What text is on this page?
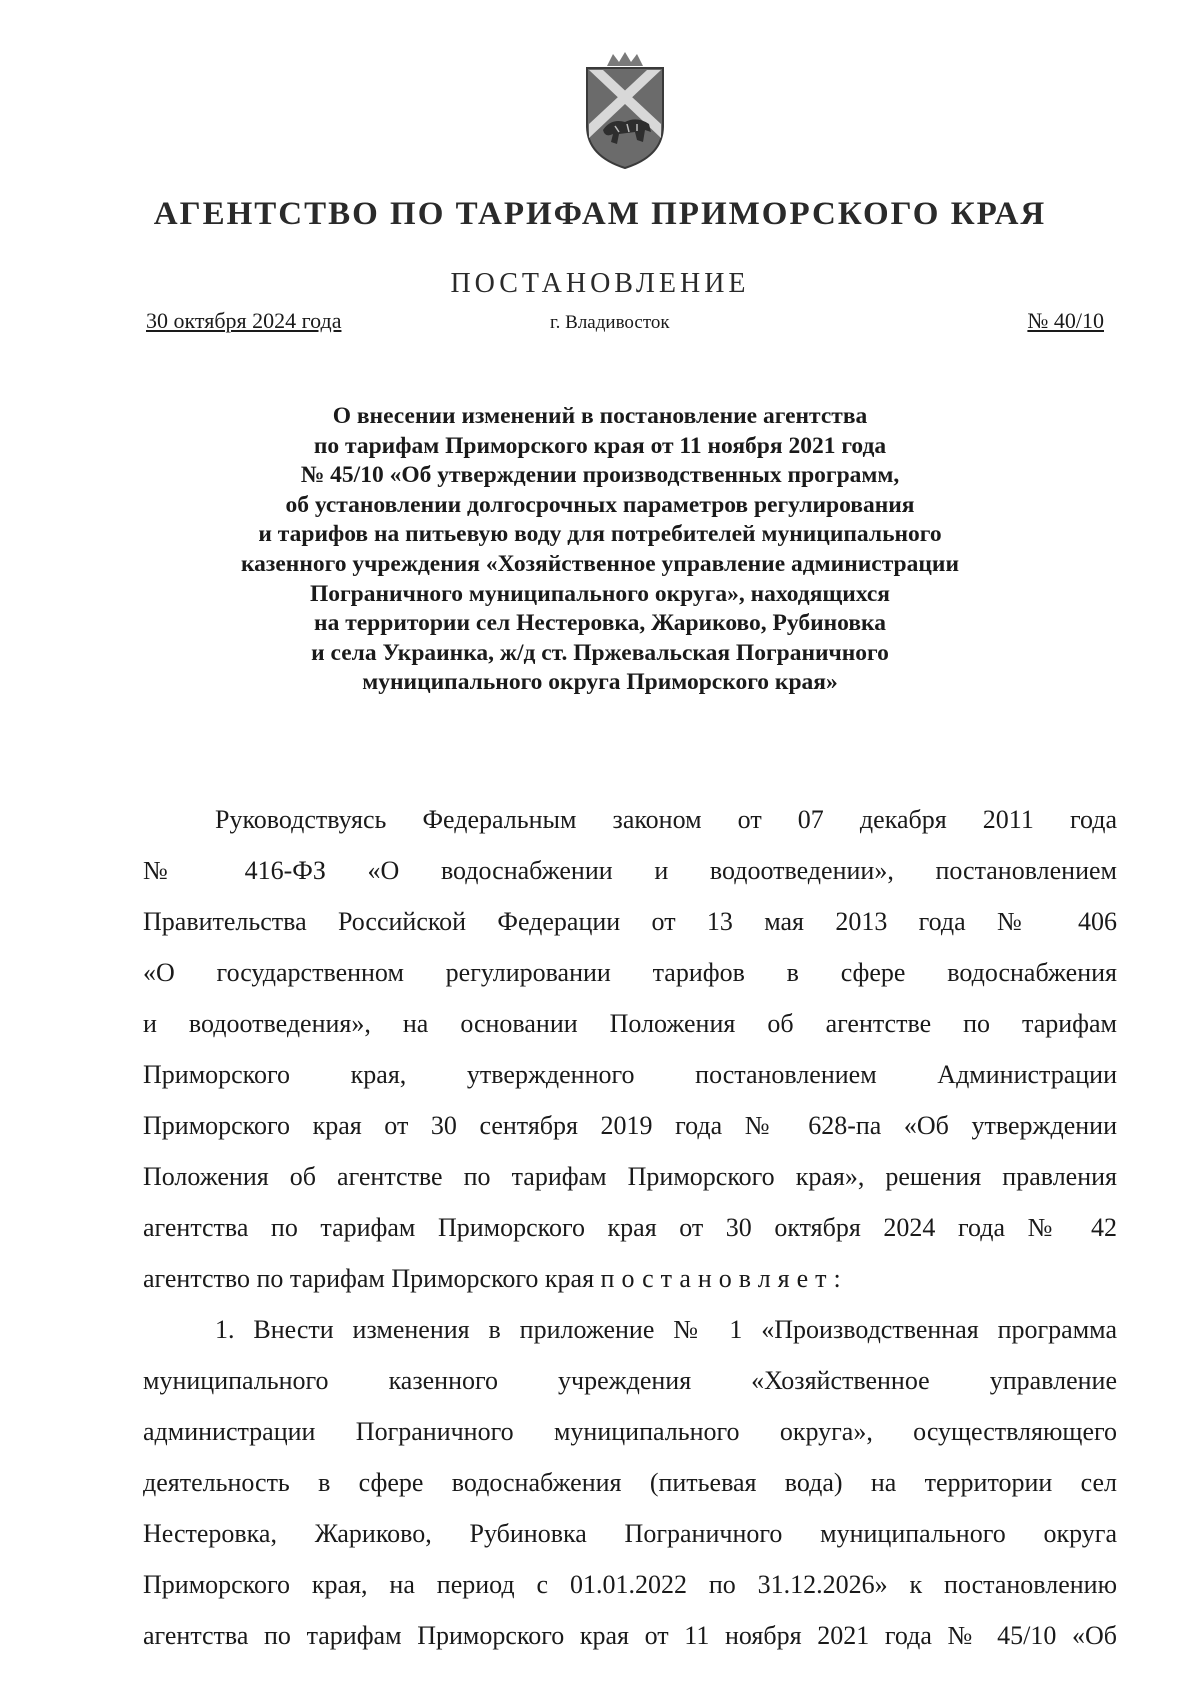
АГЕНТСТВО ПО ТАРИФАМ ПРИМОРСКОГО КРАЯ
ПОСТАНОВЛЕНИЕ
30 октября 2024 года	г. Владивосток	№ 40/10
О внесении изменений в постановление агентства
по тарифам Приморского края от 11 ноября 2021 года
№ 45/10 «Об утверждении производственных программ,
об установлении долгосрочных параметров регулирования
и тарифов на питьевую воду для потребителей муниципального
казенного учреждения «Хозяйственное управление администрации
Пограничного муниципального округа», находящихся
на территории сел Нестеровка, Жариково, Рубиновка
и села Украинка, ж/д ст. Пржевальская Пограничного
муниципального округа Приморского края»
Руководствуясь Федеральным законом от 07 декабря 2011 года
№ 416-ФЗ «О водоснабжении и водоотведении», постановлением
Правительства Российской Федерации от 13 мая 2013 года № 406
«О государственном регулировании тарифов в сфере водоснабжения
и водоотведения», на основании Положения об агентстве по тарифам
Приморского края, утвержденного постановлением Администрации
Приморского края от 30 сентября 2019 года № 628-па «Об утверждении
Положения об агентстве по тарифам Приморского края», решения правления
агентства по тарифам Приморского края от 30 октября 2024 года № 42
агентство по тарифам Приморского края постановляет:
1. Внести изменения в приложение № 1 «Производственная программа
муниципального казенного учреждения «Хозяйственное управление
администрации Пограничного муниципального округа», осуществляющего
деятельность в сфере водоснабжения (питьевая вода) на территории сел
Нестеровка, Жариково, Рубиновка Пограничного муниципального округа
Приморского края, на период с 01.01.2022 по 31.12.2026» к постановлению
агентства по тарифам Приморского края от 11 ноября 2021 года № 45/10 «Об
